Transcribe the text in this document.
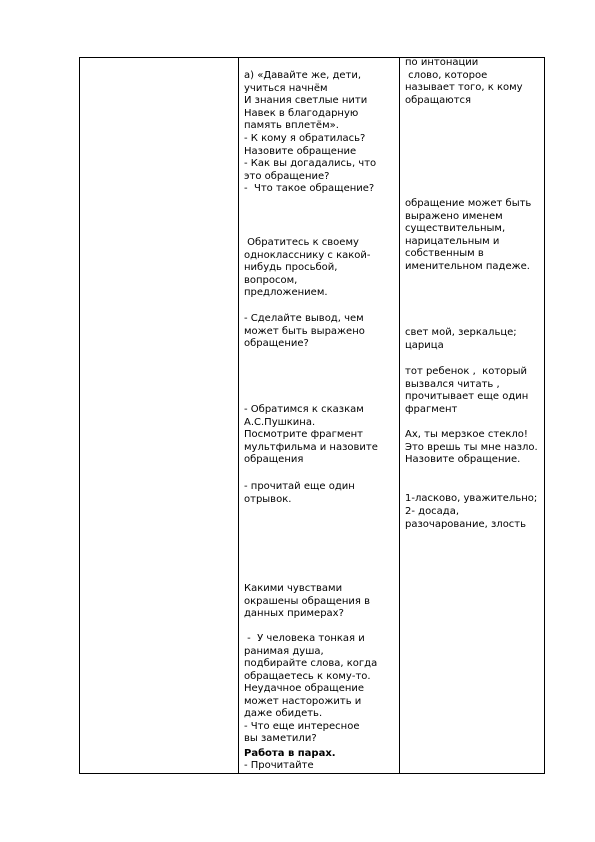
а) «Давайте же, дети,
учиться начнём
И знания светлые нити
Навек в благодарную
память вплетём».
- К кому я обратилась?
Назовите обращение
- Как вы догадались, что
это обращение?
-  Что такое обращение?
Обратитесь к своему
однокласснику с какой-
нибудь просьбой,
вопросом,
предложением.
- Сделайте вывод, чем
может быть выражено
обращение?
- Обратимся к сказкам
А.С.Пушкина.
Посмотрите фрагмент
мультфильма и назовите
обращения
- прочитай еще один
отрывок.
Какими чувствами
окрашены обращения в
данных примерах?
-  У человека тонкая и
ранимая душа,
подбирайте слова, когда
обращаетесь к кому-то.
Неудачное обращение
может насторожить и
даже обидеть.
- Что еще интересное
вы заметили?
Работа в парах.
- Прочитайте
по интонации
слово, которое
называет того, к кому
обращаются
обращение может быть
выражено именем
существительным,
нарицательным и
собственным в
именительном падеже.
свет мой, зеркальце;
царица
тот ребенок ,  который
вызвался читать ,
прочитывает еще один
фрагмент
Ах, ты мерзкое стекло!
Это врешь ты мне назло.
Назовите обращение.
1-ласково, уважительно;
2- досада,
разочарование, злость
